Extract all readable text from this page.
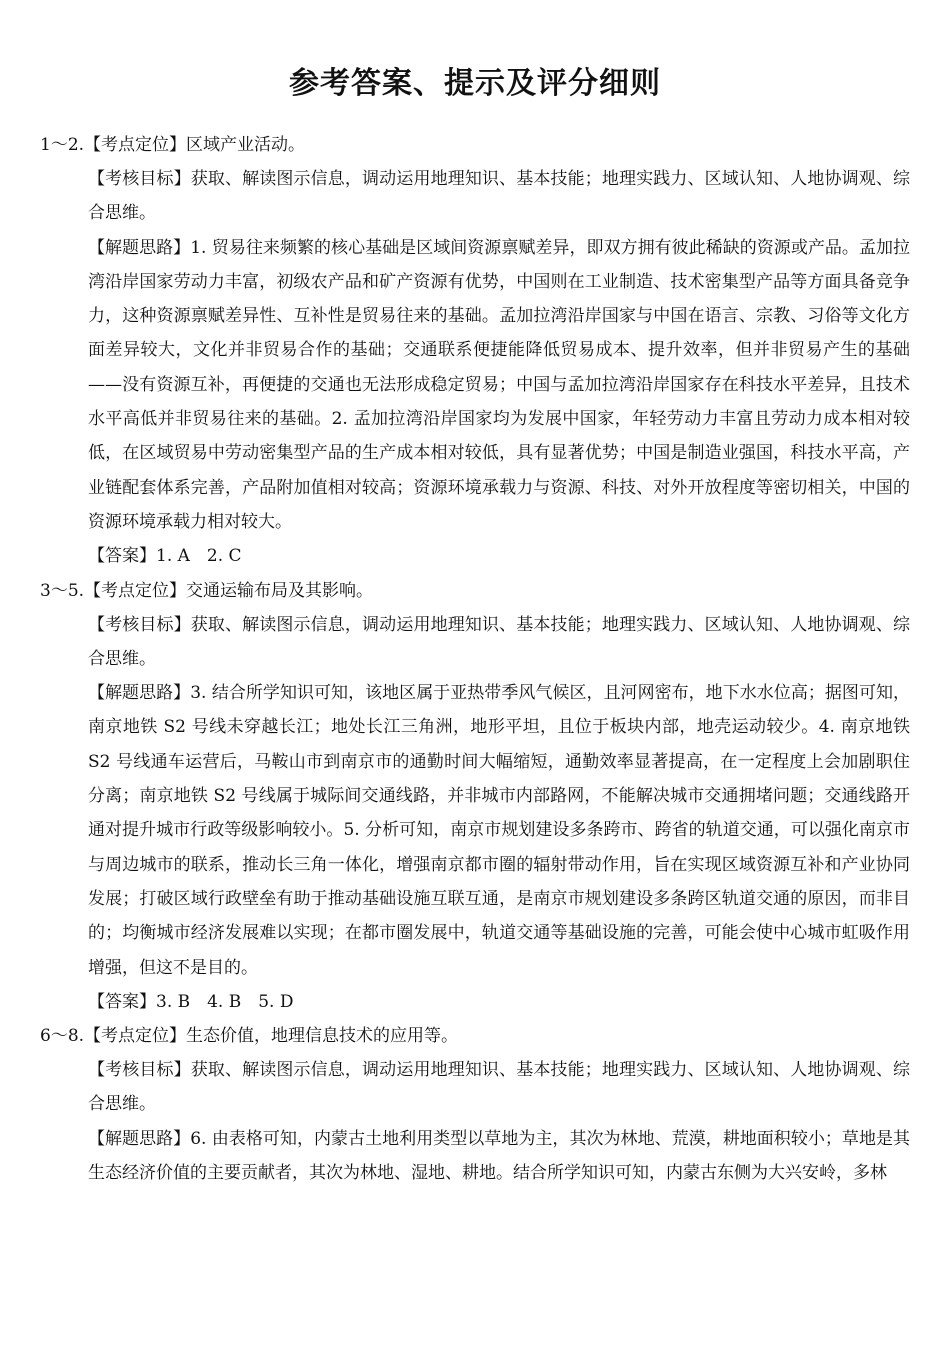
参考答案、提示及评分细则
1～2.【考点定位】区域产业活动。

【考核目标】获取、解读图示信息，调动运用地理知识、基本技能；地理实践力、区域认知、人地协调观、综合思维。

【解题思路】1. 贸易往来频繁的核心基础是区域间资源禀赋差异，即双方拥有彼此稀缺的资源或产品。孟加拉湾沿岸国家劳动力丰富，初级农产品和矿产资源有优势，中国则在工业制造、技术密集型产品等方面具备竞争力，这种资源禀赋差异性、互补性是贸易往来的基础。孟加拉湾沿岸国家与中国在语言、宗教、习俗等文化方面差异较大，文化并非贸易合作的基础；交通联系便捷能降低贸易成本、提升效率，但并非贸易产生的基础——没有资源互补，再便捷的交通也无法形成稳定贸易；中国与孟加拉湾沿岸国家存在科技水平差异，且技术水平高低并非贸易往来的基础。2. 孟加拉湾沿岸国家均为发展中国家，年轻劳动力丰富且劳动力成本相对较低，在区域贸易中劳动密集型产品的生产成本相对较低，具有显著优势；中国是制造业强国，科技水平高，产业链配套体系完善，产品附加值相对较高；资源环境承载力与资源、科技、对外开放程度等密切相关，中国的资源环境承载力相对较大。

【答案】1. A　2. C

3～5.【考点定位】交通运输布局及其影响。

【考核目标】获取、解读图示信息，调动运用地理知识、基本技能；地理实践力、区域认知、人地协调观、综合思维。

【解题思路】3. 结合所学知识可知，该地区属于亚热带季风气候区，且河网密布，地下水水位高；据图可知，南京地铁 S2 号线未穿越长江；地处长江三角洲，地形平坦，且位于板块内部，地壳运动较少。4. 南京地铁 S2 号线通车运营后，马鞍山市到南京市的通勤时间大幅缩短，通勤效率显著提高，在一定程度上会加剧职住分离；南京地铁 S2 号线属于城际间交通线路，并非城市内部路网，不能解决城市交通拥堵问题；交通线路开通对提升城市行政等级影响较小。5. 分析可知，南京市规划建设多条跨市、跨省的轨道交通，可以强化南京市与周边城市的联系，推动长三角一体化，增强南京都市圈的辐射带动作用，旨在实现区域资源互补和产业协同发展；打破区域行政壁垒有助于推动基础设施互联互通，是南京市规划建设多条跨区轨道交通的原因，而非目的；均衡城市经济发展难以实现；在都市圈发展中，轨道交通等基础设施的完善，可能会使中心城市虹吸作用增强，但这不是目的。

【答案】3. B　4. B　5. D

6～8.【考点定位】生态价值，地理信息技术的应用等。

【考核目标】获取、解读图示信息，调动运用地理知识、基本技能；地理实践力、区域认知、人地协调观、综合思维。

【解题思路】6. 由表格可知，内蒙古土地利用类型以草地为主，其次为林地、荒漠，耕地面积较小；草地是其生态经济价值的主要贡献者，其次为林地、湿地、耕地。结合所学知识可知，内蒙古东侧为大兴安岭，多林
